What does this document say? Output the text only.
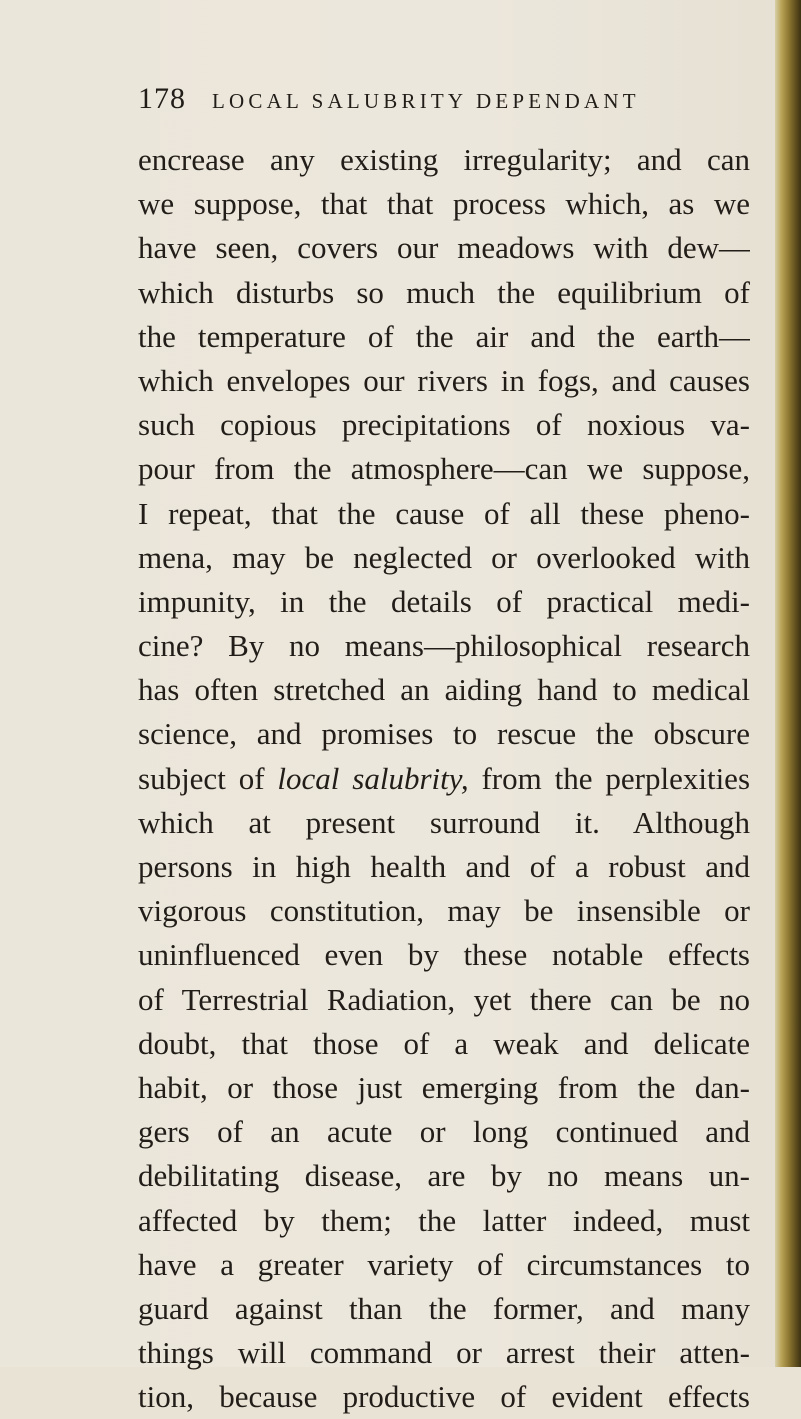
178 LOCAL SALUBRITY DEPENDANT
encrease any existing irregularity; and can
we suppose, that that process which, as we
have seen, covers our meadows with dew—
which disturbs so much the equilibrium of
the temperature of the air and the earth—
which envelopes our rivers in fogs, and causes
such copious precipitations of noxious va-
pour from the atmosphere—can we suppose,
I repeat, that the cause of all these pheno-
mena, may be neglected or overlooked with
impunity, in the details of practical medi-
cine? By no means—philosophical research
has often stretched an aiding hand to medical
science, and promises to rescue the obscure
subject of local salubrity, from the perplexities
which at present surround it. Although
persons in high health and of a robust and
vigorous constitution, may be insensible or
uninfluenced even by these notable effects
of Terrestrial Radiation, yet there can be no
doubt, that those of a weak and delicate
habit, or those just emerging from the dan-
gers of an acute or long continued and
debilitating disease, are by no means un-
affected by them; the latter indeed, must
have a greater variety of circumstances to
guard against than the former, and many
things will command or arrest their atten-
tion, because productive of evident effects
